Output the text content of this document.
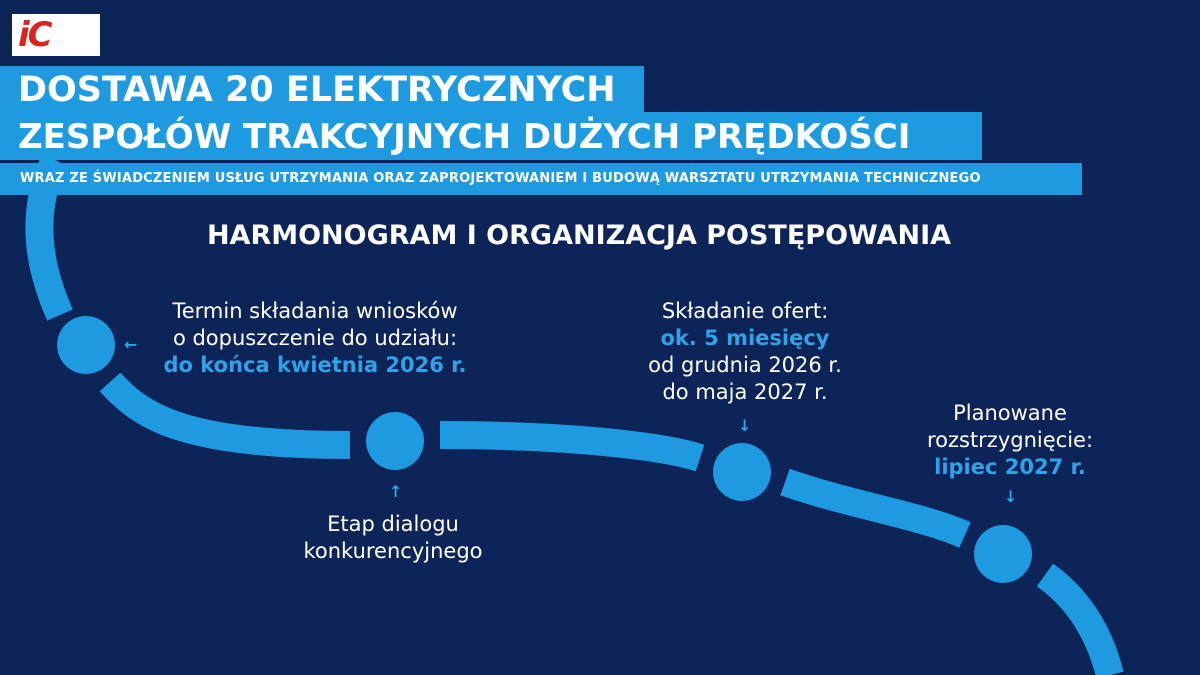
iC
DOSTAWA 20 ELEKTRYCZNYCH
ZESPOŁÓW TRAKCYJNYCH DUŻYCH PRĘDKOŚCI
WRAZ ZE ŚWIADCZENIEM USŁUG UTRZYMANIA ORAZ ZAPROJEKTOWANIEM I BUDOWĄ WARSZTATU UTRZYMANIA TECHNICZNEGO
HARMONOGRAM I ORGANIZACJA POSTĘPOWANIA
Termin składania wniosków
o dopuszczenie do udziału:
do końca kwietnia 2026 r.
←
↑
Etap dialogu
konkurencyjnego
Składanie ofert:
ok. 5 miesięcy
od grudnia 2026 r.
do maja 2027 r.
↓
Planowane
rozstrzygnięcie:
lipiec 2027 r.
↓
